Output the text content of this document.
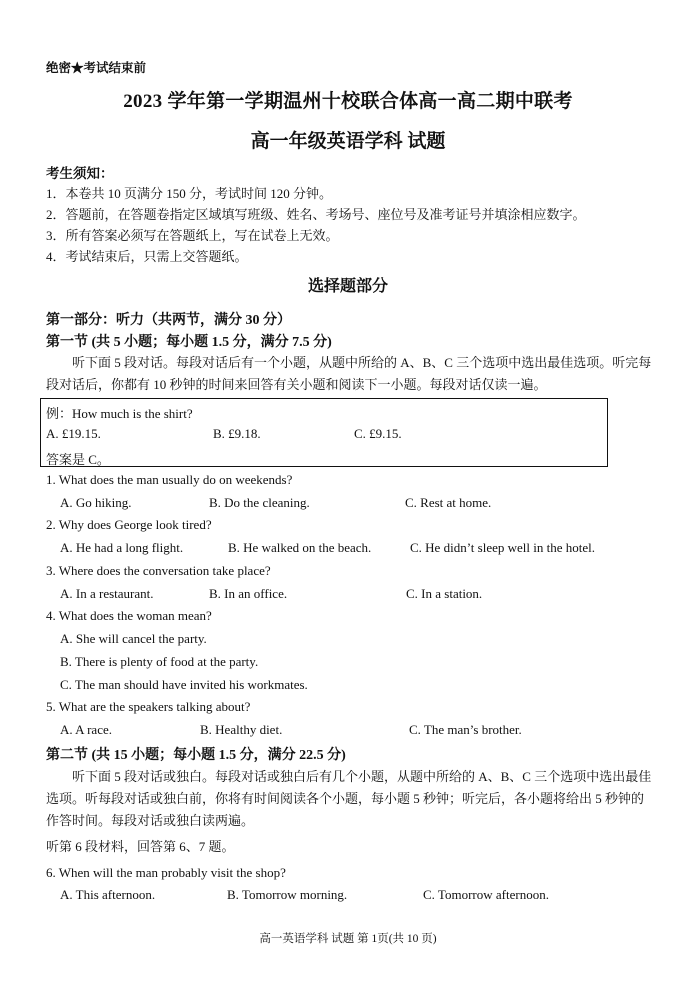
绝密★考试结束前
2023 学年第一学期温州十校联合体高一高二期中联考
高一年级英语学科 试题
考生须知：
1．本卷共 10 页满分 150 分，考试时间 120 分钟。
2．答题前，在答题卷指定区域填写班级、姓名、考场号、座位号及准考证号并填涂相应数字。
3．所有答案必须写在答题纸上，写在试卷上无效。
4．考试结束后，只需上交答题纸。
选择题部分
第一部分：听力（共两节，满分 30 分）
第一节 (共 5 小题；每小题 1.5 分，满分 7.5 分)
听下面 5 段对话。每段对话后有一个小题，从题中所给的 A、B、C 三个选项中选出最佳选项。听完每段对话后，你都有 10 秒钟的时间来回答有关小题和阅读下一小题。每段对话仅读一遍。
例：How much is the shirt?
A. £19.15.	B. £9.18.	C. £9.15.
答案是 C。
1. What does the man usually do on weekends?
A. Go hiking.	B. Do the cleaning.	C. Rest at home.
2. Why does George look tired?
A. He had a long flight.	B. He walked on the beach.	C. He didn’t sleep well in the hotel.
3. Where does the conversation take place?
A. In a restaurant.	B. In an office.	C. In a station.
4. What does the woman mean?
A. She will cancel the party.
B. There is plenty of food at the party.
C. The man should have invited his workmates.
5. What are the speakers talking about?
A. A race.	B. Healthy diet.	C. The man’s brother.
第二节 (共 15 小题；每小题 1.5 分，满分 22.5 分)
听下面 5 段对话或独白。每段对话或独白后有几个小题，从题中所给的 A、B、C 三个选项中选出最佳选项。听每段对话或独白前，你将有时间阅读各个小题，每小题 5 秒钟；听完后，各小题将给出 5 秒钟的作答时间。每段对话或独白读两遍。
听第 6 段材料，回答第 6、7 题。
6. When will the man probably visit the shop?
A. This afternoon.	B. Tomorrow morning.	C. Tomorrow afternoon.
高一英语学科 试题 第 1页(共 10 页)
